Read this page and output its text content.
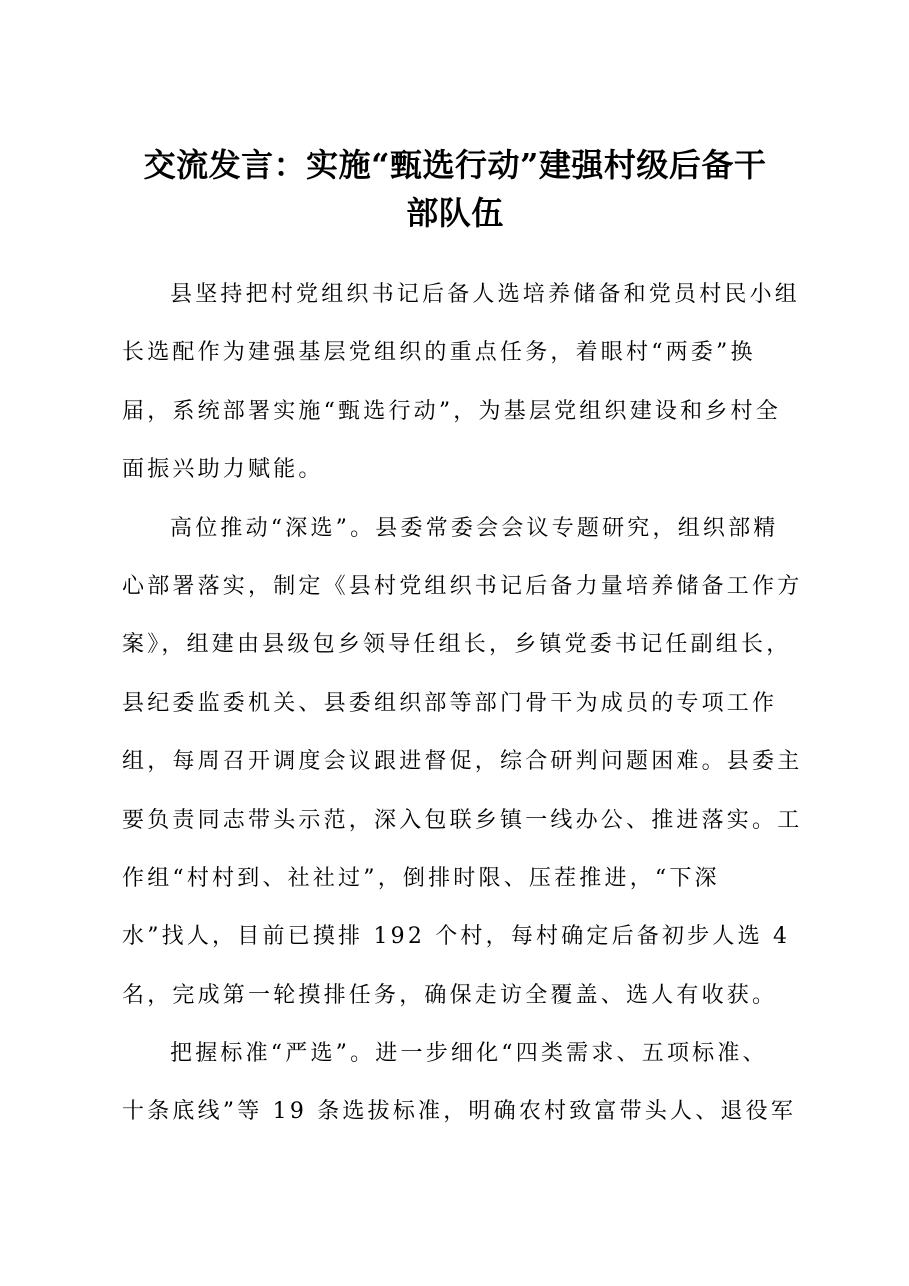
交流发言：实施“甄选行动”建强村级后备干
部队伍
县坚持把村党组织书记后备人选培养储备和党员村民小组
长选配作为建强基层党组织的重点任务，着眼村“两委”换
届，系统部署实施“甄选行动”，为基层党组织建设和乡村全
面振兴助力赋能。
高位推动“深选”。县委常委会会议专题研究，组织部精
心部署落实，制定《县村党组织书记后备力量培养储备工作方
案》，组建由县级包乡领导任组长，乡镇党委书记任副组长，
县纪委监委机关、县委组织部等部门骨干为成员的专项工作
组，每周召开调度会议跟进督促，综合研判问题困难。县委主
要负责同志带头示范，深入包联乡镇一线办公、推进落实。工
作组“村村到、社社过”，倒排时限、压茬推进，“下深
水”找人，目前已摸排 192 个村，每村确定后备初步人选 4
名，完成第一轮摸排任务，确保走访全覆盖、选人有收获。
把握标准“严选”。进一步细化“四类需求、五项标准、
十条底线”等 19 条选拔标准，明确农村致富带头人、退役军
